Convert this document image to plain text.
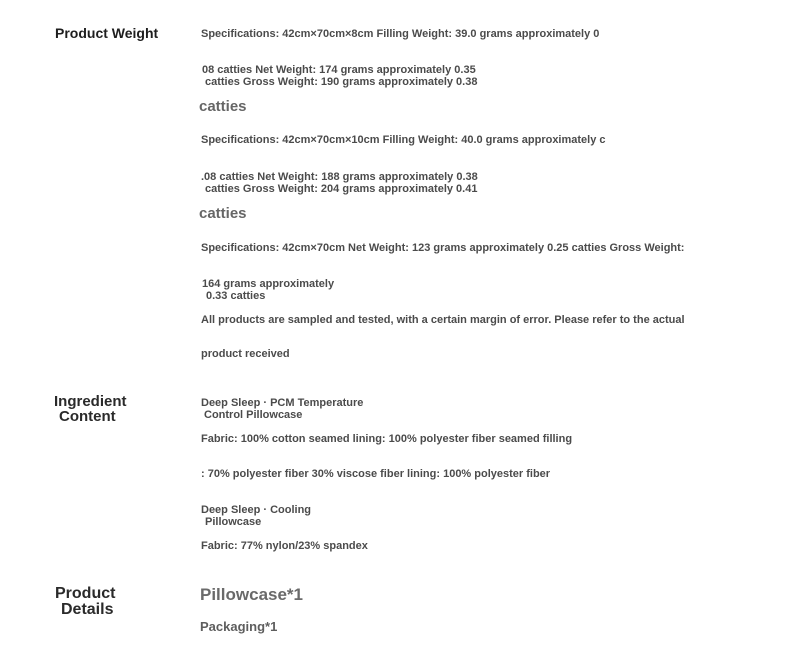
Product Weight	Specifications: 42cm×70cm×8cm Filling Weight: 39.0 grams approximately 0
08 catties Net Weight: 174 grams approximately 0.35
catties Gross Weight: 190 grams approximately 0.38
catties
Specifications: 42cm×70cm×10cm Filling Weight: 40.0 grams approximately c
.08 catties Net Weight: 188 grams approximately 0.38
catties Gross Weight: 204 grams approximately 0.41
catties
Specifications: 42cm×70cm Net Weight: 123 grams approximately 0.25 catties Gross Weight:
164 grams approximately
0.33 catties
All products are sampled and tested, with a certain margin of error. Please refer to the actual
product received
Ingredient
Content
Deep Sleep · PCM Temperature
Control Pillowcase
Fabric: 100% cotton seamed lining: 100% polyester fiber seamed filling
: 70% polyester fiber 30% viscose fiber lining: 100% polyester fiber
Deep Sleep · Cooling
Pillowcase
Fabric: 77% nylon/23% spandex
Product
Details
Pillowcase*1
Packaging*1
